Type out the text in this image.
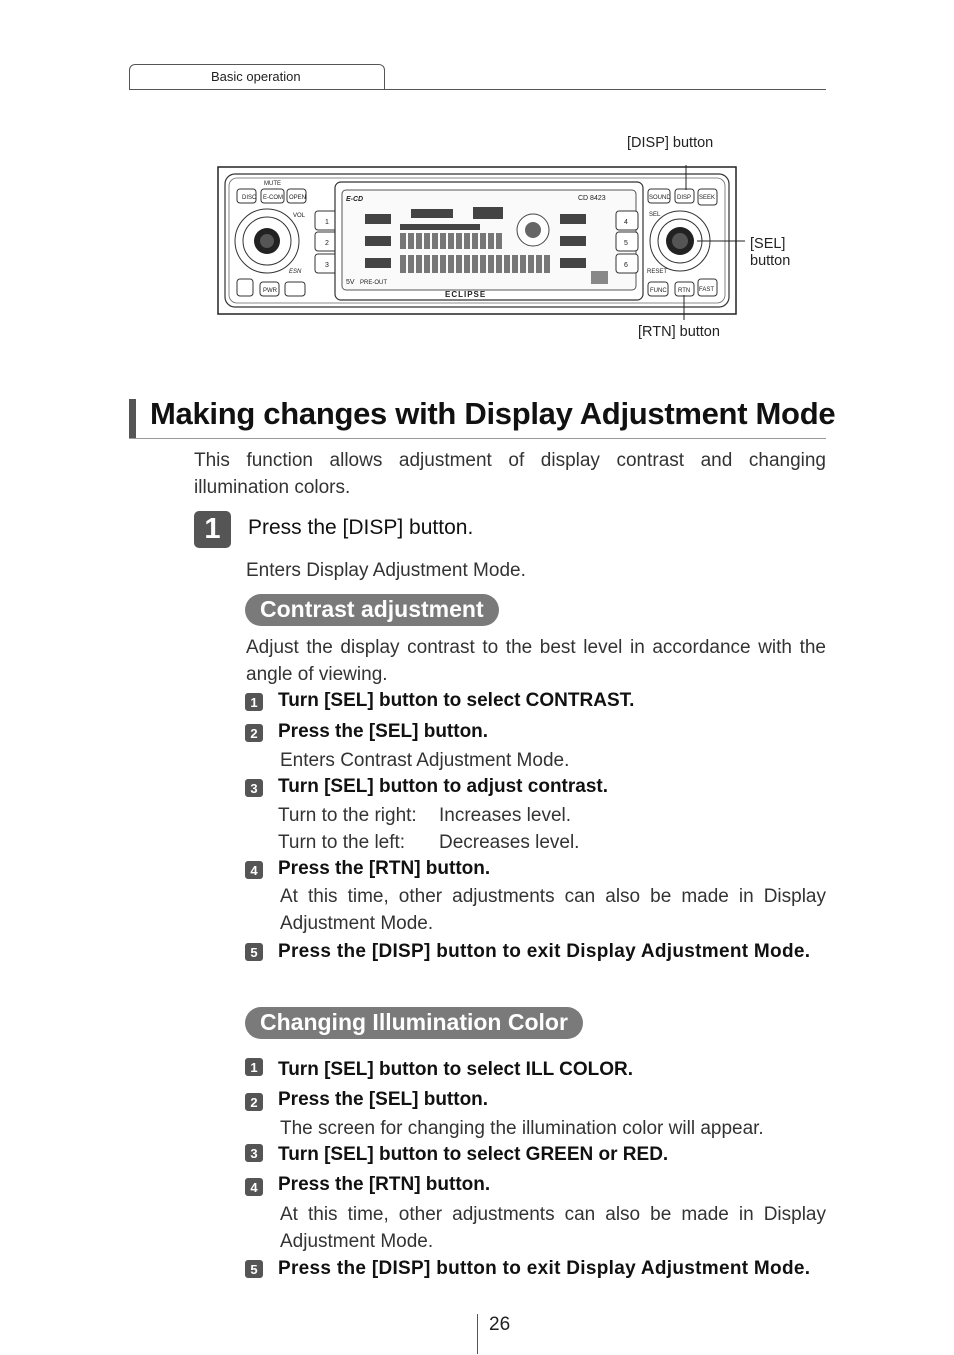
Basic operation
DISC E-COM OPEN
MUTE
VOL
PWR
ESN
1
2
3
E-CD	CD 8423
5V PRE-OUT
ECLIPSE
4
5
6
SOUND DISP SEEK
SEL
RESET
FUNC RTN FAST
[DISP] button
[SEL]
button
[RTN] button
Making changes with Display Adjustment Mode
This function allows adjustment of display contrast and changing illumination colors.
1	Press the [DISP] button.
Enters Display Adjustment Mode.
Contrast adjustment
Adjust the display contrast to the best level in accordance with the angle of viewing.
1 Turn [SEL] button to select CONTRAST.
2 Press the [SEL] button.
Enters Contrast Adjustment Mode.
3 Turn [SEL] button to adjust contrast.
Turn to the right: Increases level.
Turn to the left: Decreases level.
4 Press the [RTN] button.
At this time, other adjustments can also be made in Display Adjustment Mode.
5 Press the [DISP] button to exit Display Adjustment Mode.
Changing Illumination Color
1 Turn [SEL] button to select ILL COLOR.
2 Press the [SEL] button.
The screen for changing the illumination color will appear.
3 Turn [SEL] button to select GREEN or RED.
4 Press the [RTN] button.
At this time, other adjustments can also be made in Display Adjustment Mode.
5 Press the [DISP] button to exit Display Adjustment Mode.
26
